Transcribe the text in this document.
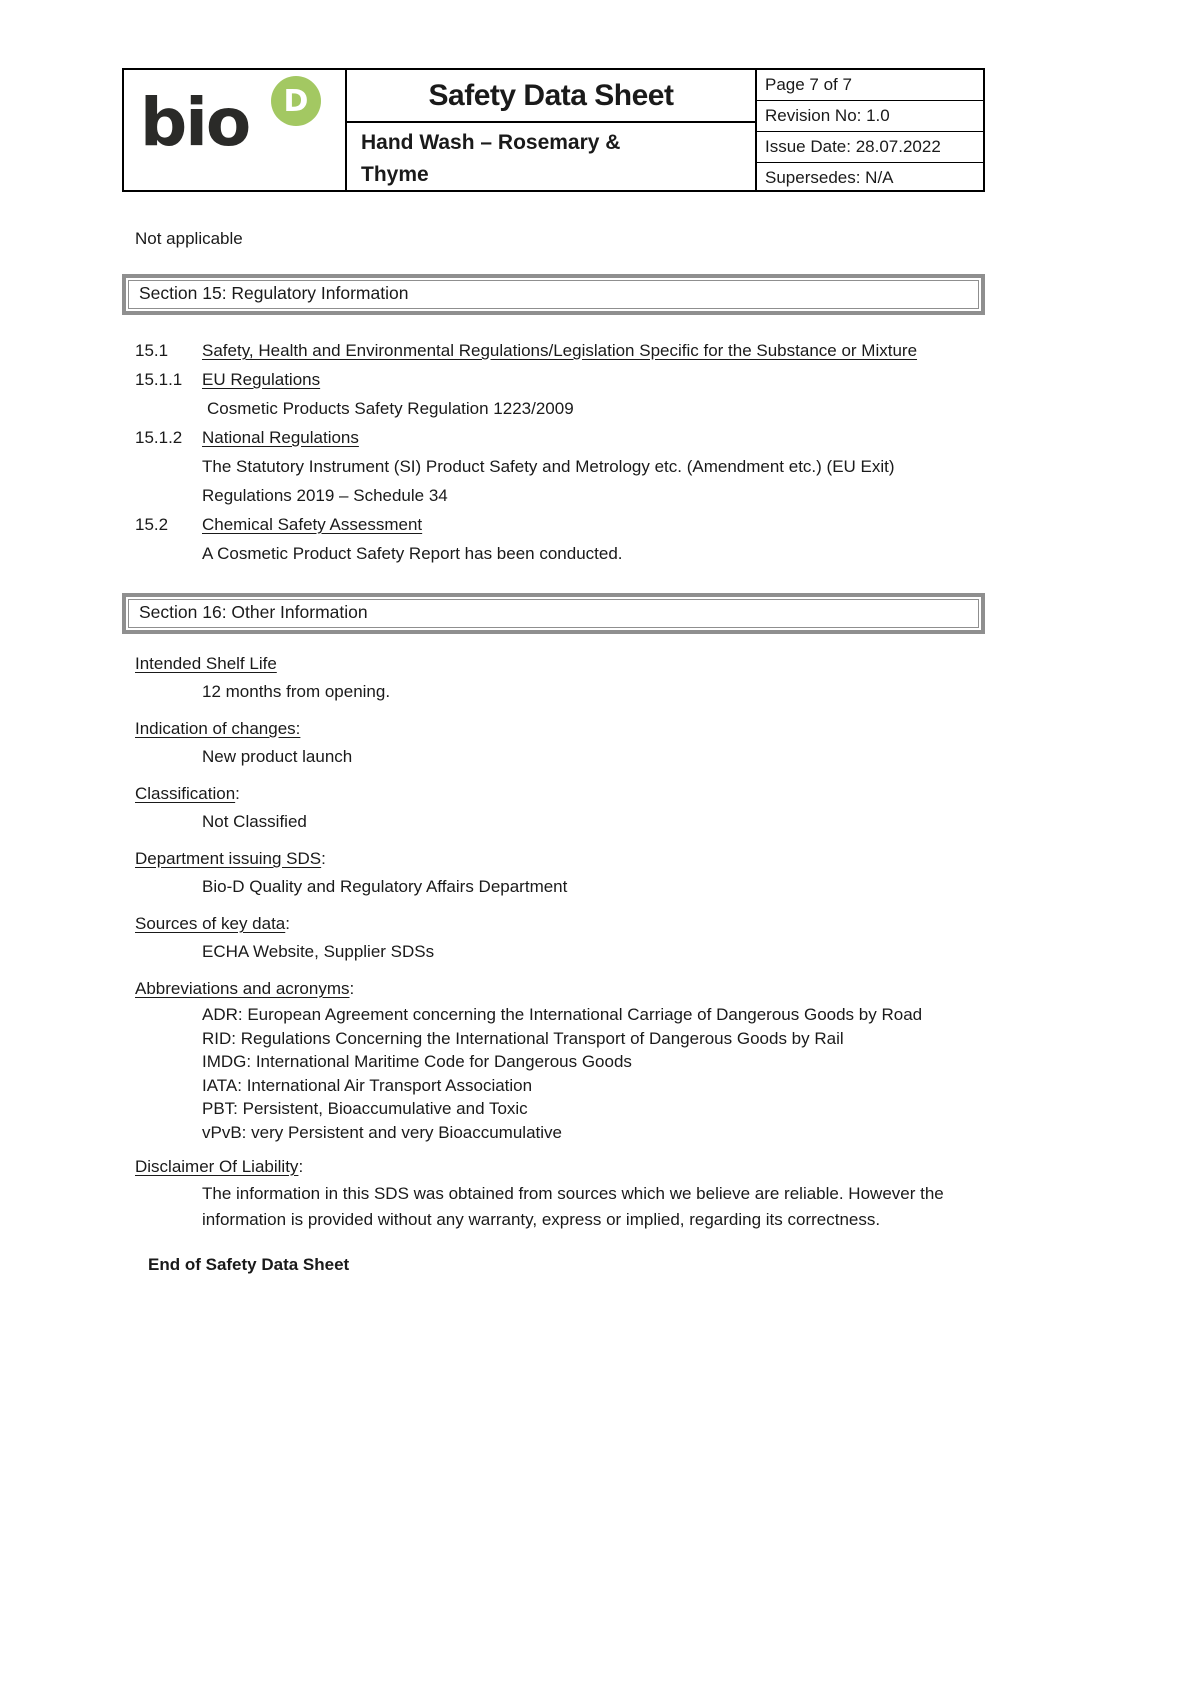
bio	D	Safety Data Sheet
Hand Wash – Rosemary & Thyme
Page 7 of 7
Revision No: 1.0
Issue Date: 28.07.2022
Supersedes: N/A
Not applicable
Section 15: Regulatory Information
15.1	Safety, Health and Environmental Regulations/Legislation Specific for the Substance or Mixture
15.1.1	EU Regulations
Cosmetic Products Safety Regulation 1223/2009
15.1.2	National Regulations
The Statutory Instrument (SI) Product Safety and Metrology etc. (Amendment etc.) (EU Exit) Regulations 2019 – Schedule 34
15.2	Chemical Safety Assessment
A Cosmetic Product Safety Report has been conducted.
Section 16: Other Information
Intended Shelf Life
12 months from opening.
Indication of changes:
New product launch
Classification:
Not Classified
Department issuing SDS:
Bio-D Quality and Regulatory Affairs Department
Sources of key data:
ECHA Website, Supplier SDSs
Abbreviations and acronyms:
ADR: European Agreement concerning the International Carriage of Dangerous Goods by Road
RID: Regulations Concerning the International Transport of Dangerous Goods by Rail
IMDG: International Maritime Code for Dangerous Goods
IATA: International Air Transport Association
PBT: Persistent, Bioaccumulative and Toxic
vPvB: very Persistent and very Bioaccumulative
Disclaimer Of Liability:
The information in this SDS was obtained from sources which we believe are reliable. However the information is provided without any warranty, express or implied, regarding its correctness.
End of Safety Data Sheet
